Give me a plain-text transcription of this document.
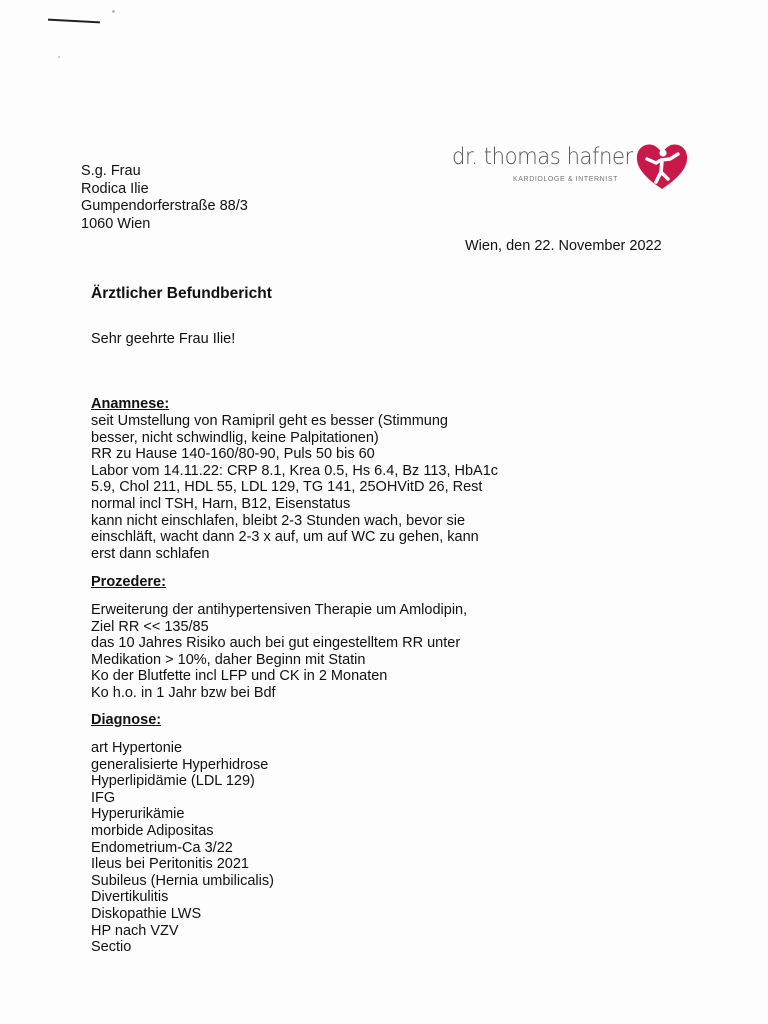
S.g. Frau
Rodica Ilie
Gumpendorferstraße 88/3
1060 Wien
dr. thomas hafner
KARDIOLOGE & INTERNIST
Wien, den 22. November 2022
Ärztlicher Befundbericht
Sehr geehrte Frau Ilie!
Anamnese:
seit Umstellung von Ramipril geht es besser (Stimmung
besser, nicht schwindlig, keine Palpitationen)
RR zu Hause 140-160/80-90, Puls 50 bis 60
Labor vom 14.11.22: CRP 8.1, Krea 0.5, Hs 6.4, Bz 113, HbA1c
5.9, Chol 211, HDL 55, LDL 129, TG 141, 25OHVitD 26, Rest
normal incl TSH, Harn, B12, Eisenstatus
kann nicht einschlafen, bleibt 2-3 Stunden wach, bevor sie
einschläft, wacht dann 2-3 x auf, um auf WC zu gehen, kann
erst dann schlafen
Prozedere:
Erweiterung der antihypertensiven Therapie um Amlodipin,
Ziel RR << 135/85
das 10 Jahres Risiko auch bei gut eingestelltem RR unter
Medikation > 10%, daher Beginn mit Statin
Ko der Blutfette incl LFP und CK in 2 Monaten
Ko h.o. in 1 Jahr bzw bei Bdf
Diagnose:
art Hypertonie
generalisierte Hyperhidrose
Hyperlipidämie (LDL 129)
IFG
Hyperurikämie
morbide Adipositas
Endometrium-Ca 3/22
Ileus bei Peritonitis 2021
Subileus (Hernia umbilicalis)
Divertikulitis
Diskopathie LWS
HP nach VZV
Sectio
